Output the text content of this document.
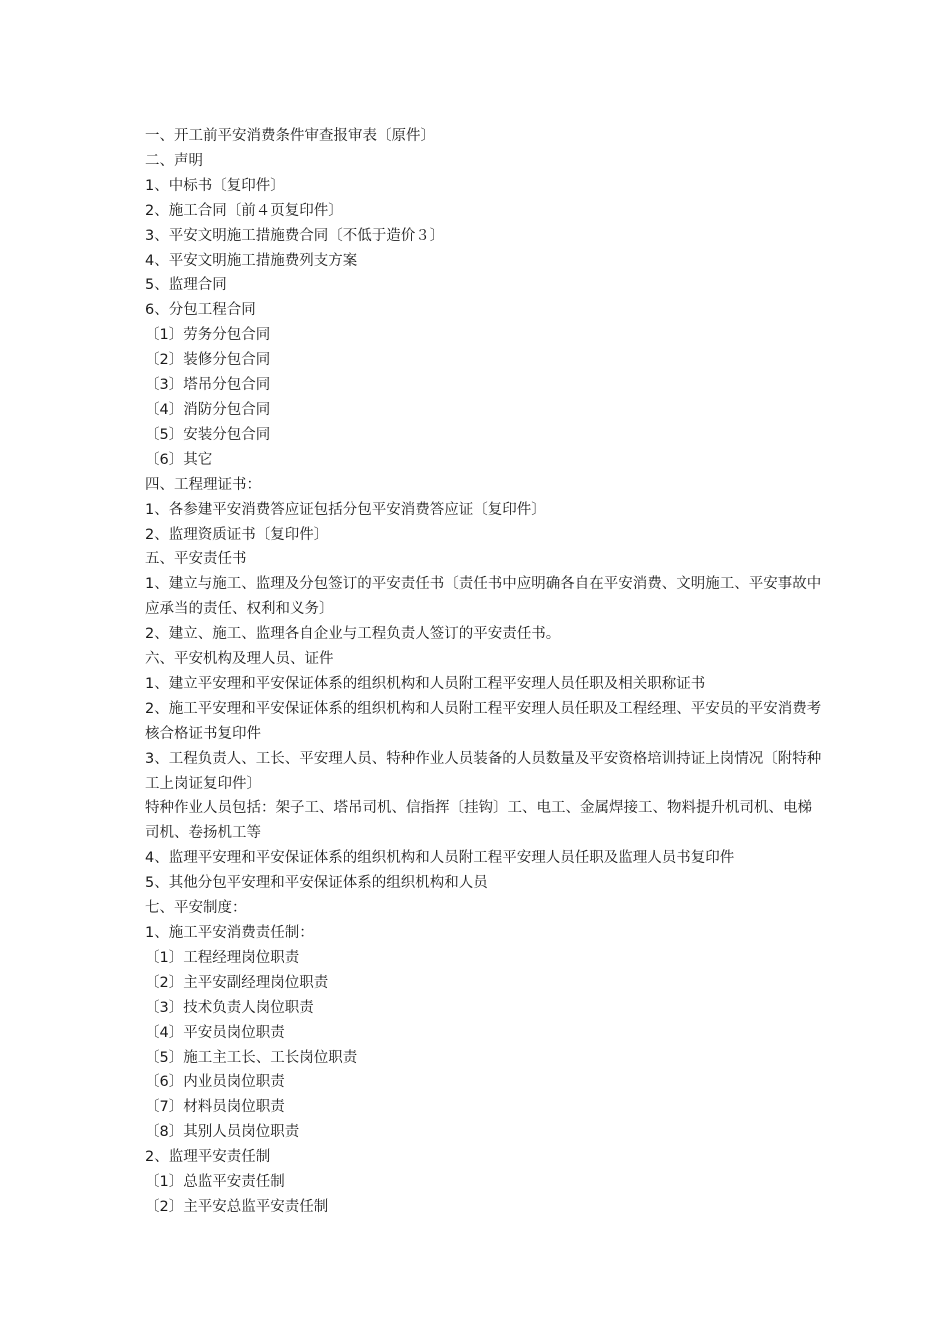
一、开工前平安消费条件审查报审表〔原件〕
二、声明
1、中标书〔复印件〕
2、施工合同〔前４页复印件〕
3、平安文明施工措施费合同〔不低于造价３〕
4、平安文明施工措施费列支方案
5、监理合同
6、分包工程合同
〔1〕劳务分包合同
〔2〕装修分包合同
〔3〕塔吊分包合同
〔4〕消防分包合同
〔5〕安装分包合同
〔6〕其它
四、工程理证书：
1、各参建平安消费答应证包括分包平安消费答应证〔复印件〕
2、监理资质证书〔复印件〕
五、平安责任书
1、建立与施工、监理及分包签订的平安责任书〔责任书中应明确各自在平安消费、文明施工、平安事故中应承当的责任、权利和义务〕
2、建立、施工、监理各自企业与工程负责人签订的平安责任书。
六、平安机构及理人员、证件
1、建立平安理和平安保证体系的组织机构和人员附工程平安理人员任职及相关职称证书
2、施工平安理和平安保证体系的组织机构和人员附工程平安理人员任职及工程经理、平安员的平安消费考核合格证书复印件
3、工程负责人、工长、平安理人员、特种作业人员装备的人员数量及平安资格培训持证上岗情况〔附特种工上岗证复印件〕
特种作业人员包括：架子工、塔吊司机、信指挥〔挂钩〕工、电工、金属焊接工、物料提升机司机、电梯司机、卷扬机工等
4、监理平安理和平安保证体系的组织机构和人员附工程平安理人员任职及监理人员书复印件
5、其他分包平安理和平安保证体系的组织机构和人员
七、平安制度：
1、施工平安消费责任制：
〔1〕工程经理岗位职责
〔2〕主平安副经理岗位职责
〔3〕技术负责人岗位职责
〔4〕平安员岗位职责
〔5〕施工主工长、工长岗位职责
〔6〕内业员岗位职责
〔7〕材料员岗位职责
〔8〕其别人员岗位职责
2、监理平安责任制
〔1〕总监平安责任制
〔2〕主平安总监平安责任制
